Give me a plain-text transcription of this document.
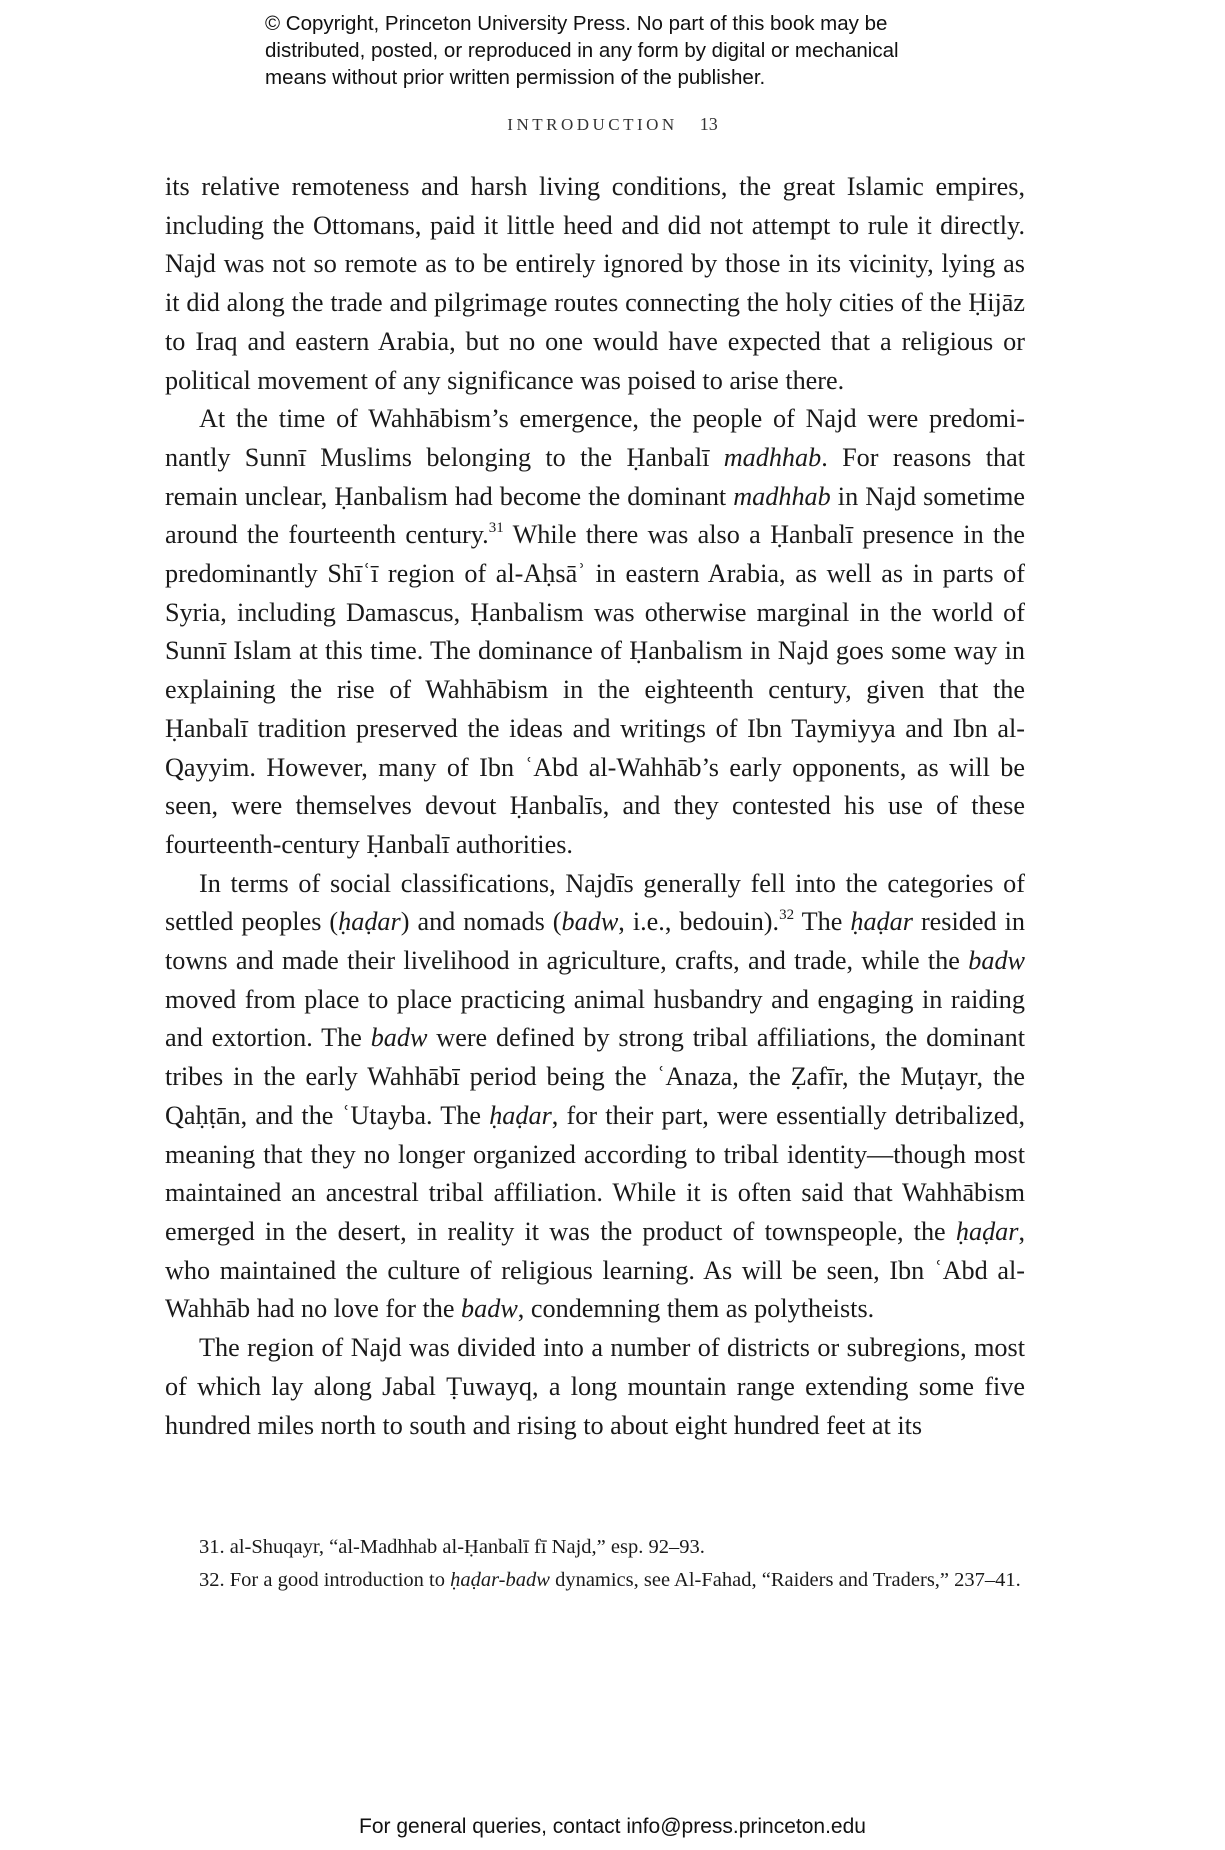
© Copyright, Princeton University Press. No part of this book may be
distributed, posted, or reproduced in any form by digital or mechanical
means without prior written permission of the publisher.
INTRODUCTION 13

its relative remoteness and harsh living conditions, the great Islamic empires, including the Ottomans, paid it little heed and did not attempt to rule it directly. Najd was not so remote as to be entirely ignored by those in its vicinity, lying as it did along the trade and pilgrimage routes connecting the holy cities of the Ḥijāz to Iraq and eastern Arabia, but no one would have expected that a religious or political movement of any significance was poised to arise there.

At the time of Wahhābism’s emergence, the people of Najd were predominantly Sunnī Muslims belonging to the Ḥanbalī madhhab. For reasons that remain unclear, Ḥanbalism had become the dominant madhhab in Najd sometime around the fourteenth century.$^{31}$ While there was also a Ḥanbalī presence in the predominantly Shīʿī region of al-Aḥsāʾ in eastern Arabia, as well as in parts of Syria, including Damascus, Ḥanbalism was otherwise marginal in the world of Sunnī Islam at this time. The dominance of Ḥanbalism in Najd goes some way in explaining the rise of Wahhābism in the eighteenth century, given that the Ḥanbalī tradition preserved the ideas and writings of Ibn Taymiyya and Ibn al-Qayyim. However, many of Ibn ʿAbd al-Wahhāb’s early opponents, as will be seen, were themselves devout Ḥanbalīs, and they contested his use of these fourteenth-century Ḥanbalī authorities.

In terms of social classifications, Najdīs generally fell into the categories of settled peoples (ḥaḍar) and nomads (badw, i.e., bedouin).$^{32}$ The ḥaḍar resided in towns and made their livelihood in agriculture, crafts, and trade, while the badw moved from place to place practicing animal husbandry and engaging in raiding and extortion. The badw were defined by strong tribal affiliations, the dominant tribes in the early Wahhābī period being the ʿAnaza, the Ẓafīr, the Muṭayr, the Qaḥṭān, and the ʿUtayba. The ḥaḍar, for their part, were essentially detribalized, meaning that they no longer organized according to tribal identity—though most maintained an ancestral tribal affiliation. While it is often said that Wahhābism emerged in the desert, in reality it was the product of townspeople, the ḥaḍar, who maintained the culture of religious learning. As will be seen, Ibn ʿAbd al-Wahhāb had no love for the badw, condemning them as polytheists.

The region of Najd was divided into a number of districts or subregions, most of which lay along Jabal Ṭuwayq, a long mountain range extending some five hundred miles north to south and rising to about eight hundred feet at its

31. al-Shuqayr, “al-Madhhab al-Ḥanbalī fī Najd,” esp. 92–93.

32. For a good introduction to ḥaḍar-badw dynamics, see Al-Fahad, “Raiders and Traders,” 237–41.

For general queries, contact info@press.princeton.edu
